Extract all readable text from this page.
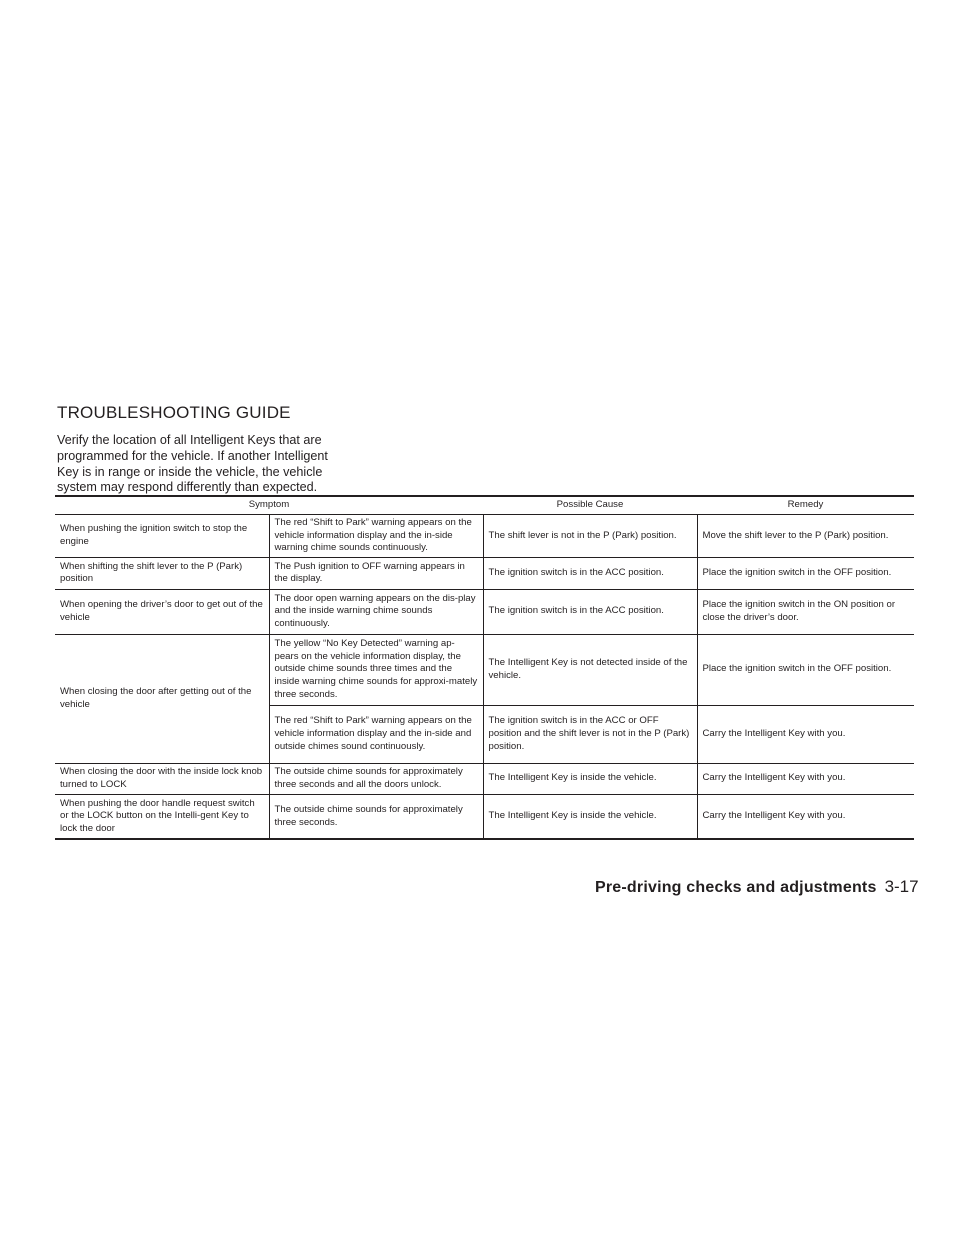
TROUBLESHOOTING GUIDE

Verify the location of all Intelligent Keys that are programmed for the vehicle. If another Intelligent Key is in range or inside the vehicle, the vehicle system may respond differently than expected.

Symptom		Possible Cause	Remedy
When pushing the ignition switch to stop the engine	The red “Shift to Park” warning appears on the vehicle information display and the in-side warning chime sounds continuously.	The shift lever is not in the P (Park) position.	Move the shift lever to the P (Park) position.
When shifting the shift lever to the P (Park) position	The Push ignition to OFF warning appears in the display.	The ignition switch is in the ACC position.	Place the ignition switch in the OFF position.
When opening the driver’s door to get out of the vehicle	The door open warning appears on the dis-play and the inside warning chime sounds continuously.	The ignition switch is in the ACC position.	Place the ignition switch in the ON position or close the driver’s door.
When closing the door after getting out of the vehicle	The yellow “No Key Detected” warning ap-pears on the vehicle information display, the outside chime sounds three times and the inside warning chime sounds for approxi-mately three seconds.	The Intelligent Key is not detected inside of the vehicle.	Place the ignition switch in the OFF position.
	The red “Shift to Park” warning appears on the vehicle information display and the in-side and outside chimes sound continuously.	The ignition switch is in the ACC or OFF position and the shift lever is not in the P (Park) position.	Carry the Intelligent Key with you.
When closing the door with the inside lock knob turned to LOCK	The outside chime sounds for approximately three seconds and all the doors unlock.	The Intelligent Key is inside the vehicle.	Carry the Intelligent Key with you.
When pushing the door handle request switch or the LOCK button on the Intelli-gent Key to lock the door	The outside chime sounds for approximately three seconds.	The Intelligent Key is inside the vehicle.	Carry the Intelligent Key with you.
Pre-driving checks and adjustments 3-17
